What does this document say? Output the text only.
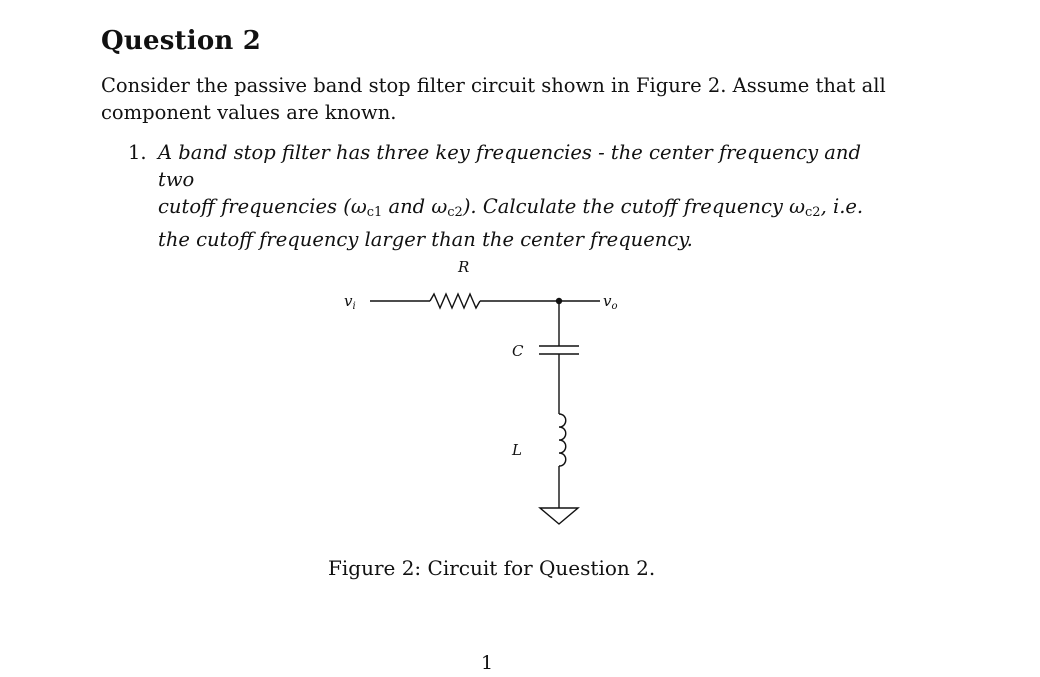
Question 2
Consider the passive band stop filter circuit shown in Figure 2. Assume that all
component values are known.
1. A band stop filter has three key frequencies - the center frequency and two
cutoff frequencies ($\omega_{c1}$ and $\omega_{c2}$). Calculate the cutoff frequency $\omega_{c2}$, i.e.
the cutoff frequency larger than the center frequency.
$v_i$	$v_o$
R
C
L
Figure 2: Circuit for Question 2.
1
